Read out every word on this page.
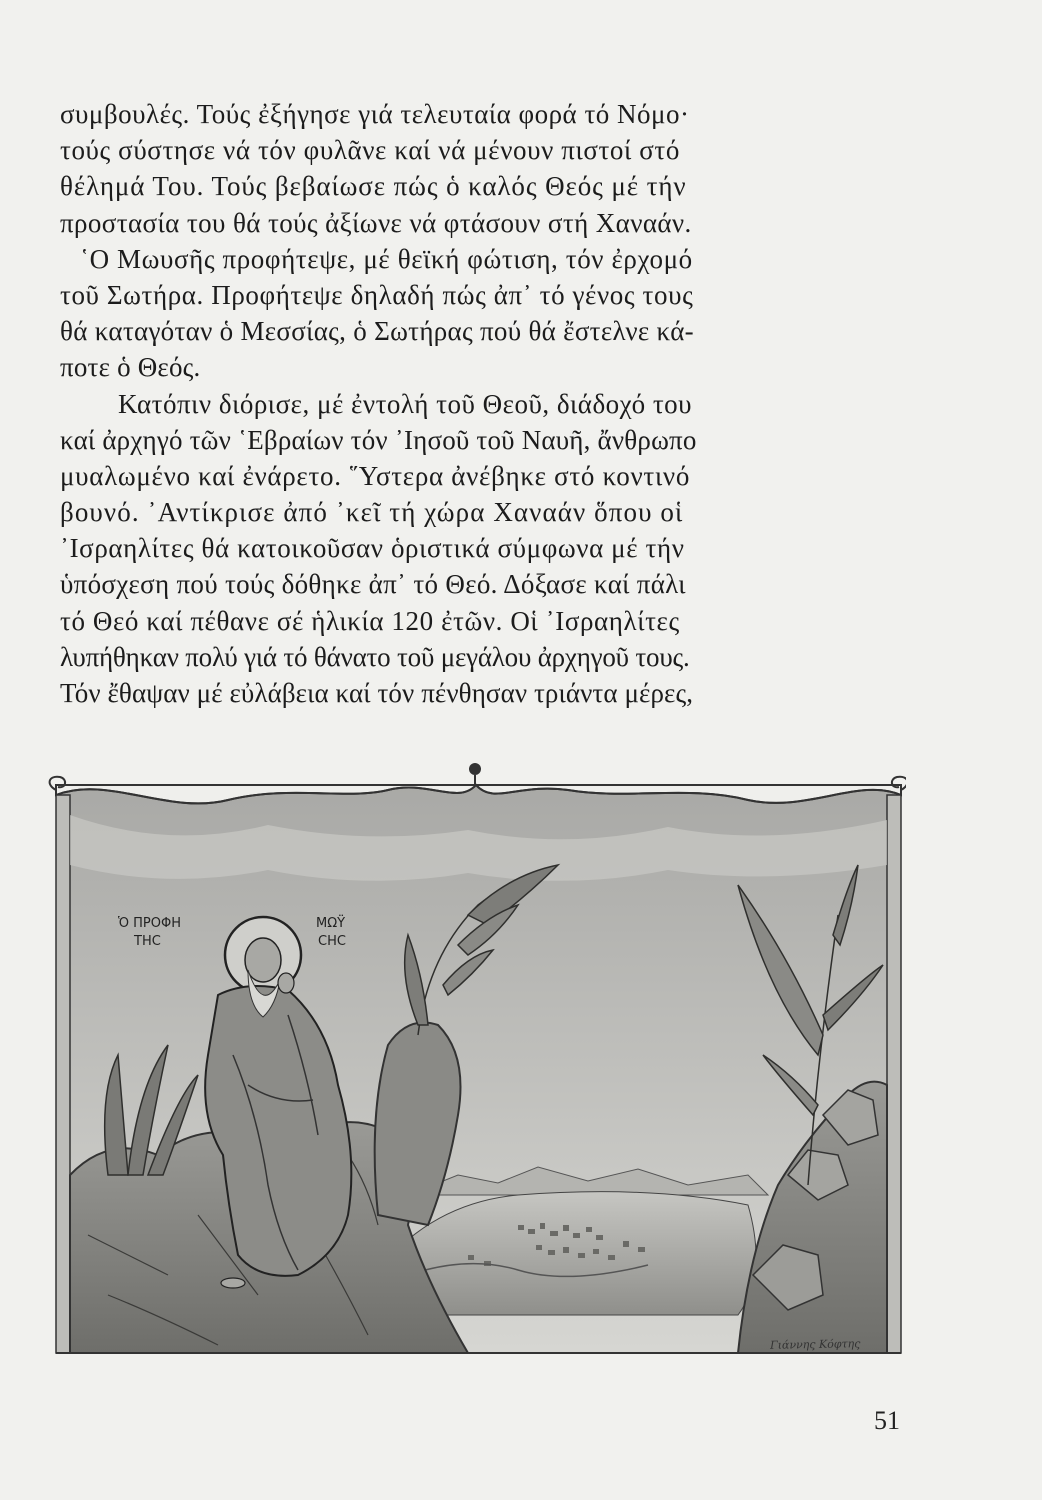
συμβουλές. Τούς ἐξήγησε γιά τελευταία φορά τό Νόμο·
τούς σύστησε νά τόν φυλᾶνε καί νά μένουν πιστοί στό
θέλημά Του. Τούς βεβαίωσε πώς ὁ καλός Θεός μέ τήν
προστασία του θά τούς ἀξίωνε νά φτάσουν στή Χαναάν.
῾Ο Μωυσῆς προφήτεψε, μέ θεϊκή φώτιση, τόν ἐρχομό
τοῦ Σωτήρα. Προφήτεψε δηλαδή πώς ἀπ᾿ τό γένος τους
θά καταγόταν ὁ Μεσσίας, ὁ Σωτήρας πού θά ἔστελνε κά-
ποτε ὁ Θεός.
Κατόπιν διόρισε, μέ ἐντολή τοῦ Θεοῦ, διάδοχό του
καί ἀρχηγό τῶν ῾Εβραίων τόν ᾿Ιησοῦ τοῦ Ναυῆ, ἄνθρωπο
μυαλωμένο καί ἐνάρετο. ῞Υστερα ἀνέβηκε στό κοντινό
βουνό. ᾿Αντίκρισε ἀπό ᾿κεῖ τή χώρα Χαναάν ὅπου οἱ
᾿Ισραηλίτες θά κατοικοῦσαν ὁριστικά σύμφωνα μέ τήν
ὑπόσχεση πού τούς δόθηκε ἀπ᾿ τό Θεό. Δόξασε καί πάλι
τό Θεό καί πέθανε σέ ἡλικία 120 ἐτῶν. Οἱ ᾿Ισραηλίτες
λυπήθηκαν πολύ γιά τό θάνατο τοῦ μεγάλου ἀρχηγοῦ τους.
Τόν ἔθαψαν μέ εὐλάβεια καί τόν πένθησαν τριάντα μέρες,
Ὁ ΠΡΟΦΗ
ΤΗϹ
ΜΩΫ
ϹΗϹ
Γιάννης Κόφτης
51
